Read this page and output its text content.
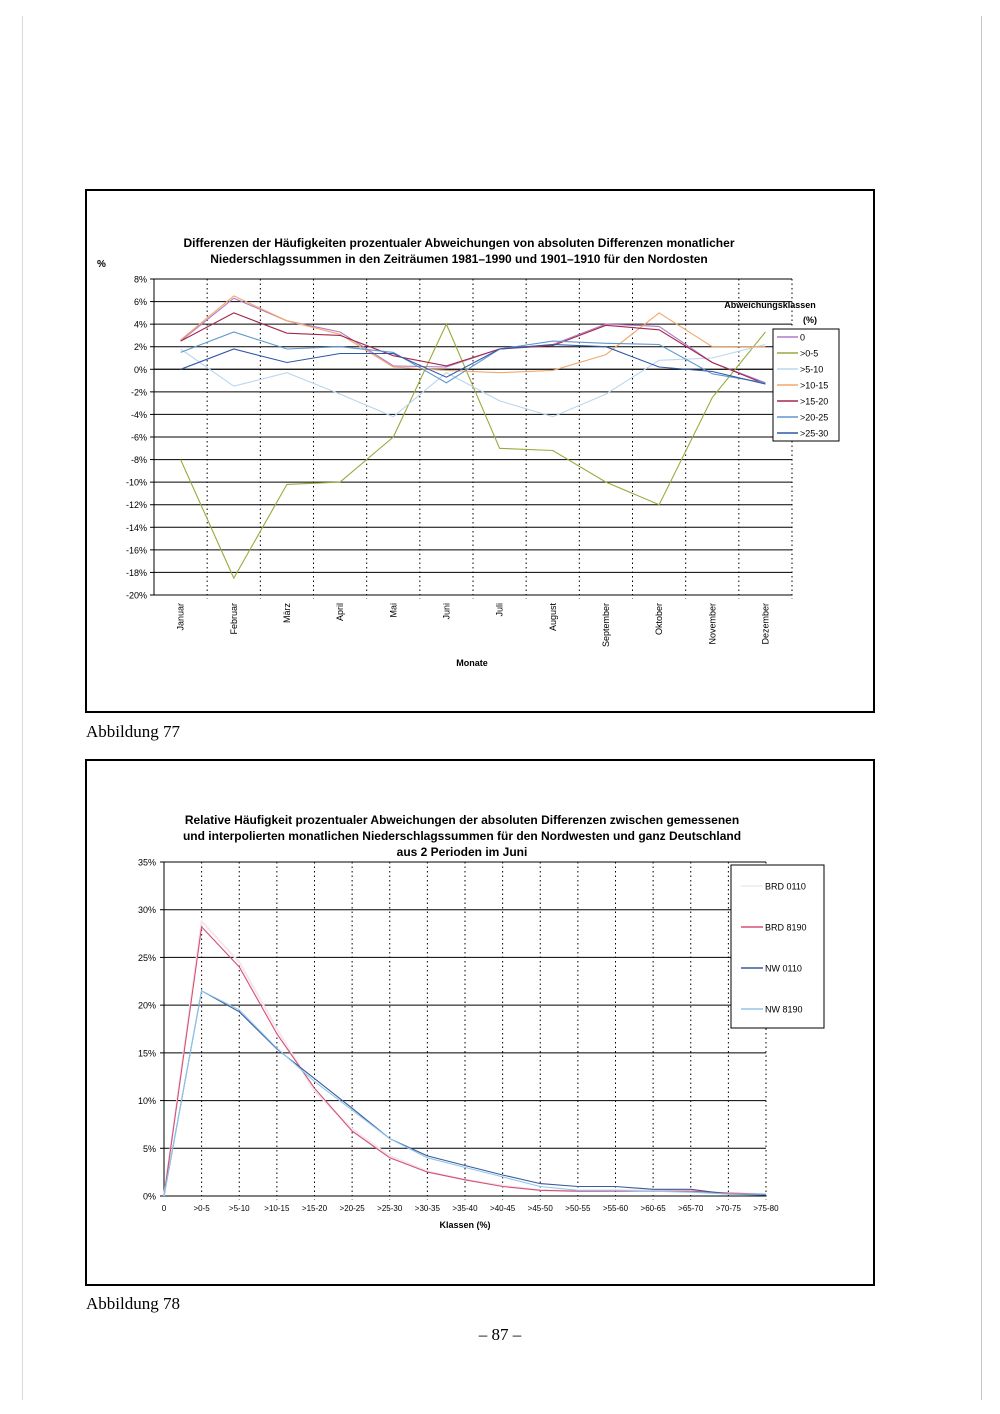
Differenzen der Häufigkeiten prozentualer Abweichungen von absoluten Differenzen monatlicher
Niederschlagssummen in den Zeiträumen 1981–1990 und 1901–1910 für den Nordosten
%
8%
6%
4%
2%
0%
-2%
-4%
-6%
-8%
-10%
-12%
-14%
-16%
-18%
-20%
Januar	Februar	März	April	Mai	Juni	Juli	August	September	Oktober	November	Dezember
Monate
Abweichungsklassen
(%)
0
>0-5
>5-10
>10-15
>15-20
>20-25
>25-30
Abbildung 77
Relative Häufigkeit prozentualer Abweichungen der absoluten Differenzen zwischen gemessenen
und interpolierten monatlichen Niederschlagssummen für den Nordwesten und ganz Deutschland
aus 2 Perioden im Juni
35%
30%
25%
20%
15%
10%
5%
0%
0	>0-5 >5-10 >10-15 >15-20 >20-25 >25-30 >30-35 >35-40 >40-45 >45-50 >50-55 >55-60 >60-65 >65-70 >70-75 >75-80
Klassen (%)
BRD 0110
BRD 8190
NW 0110
NW 8190
Abbildung 78
– 87 –
